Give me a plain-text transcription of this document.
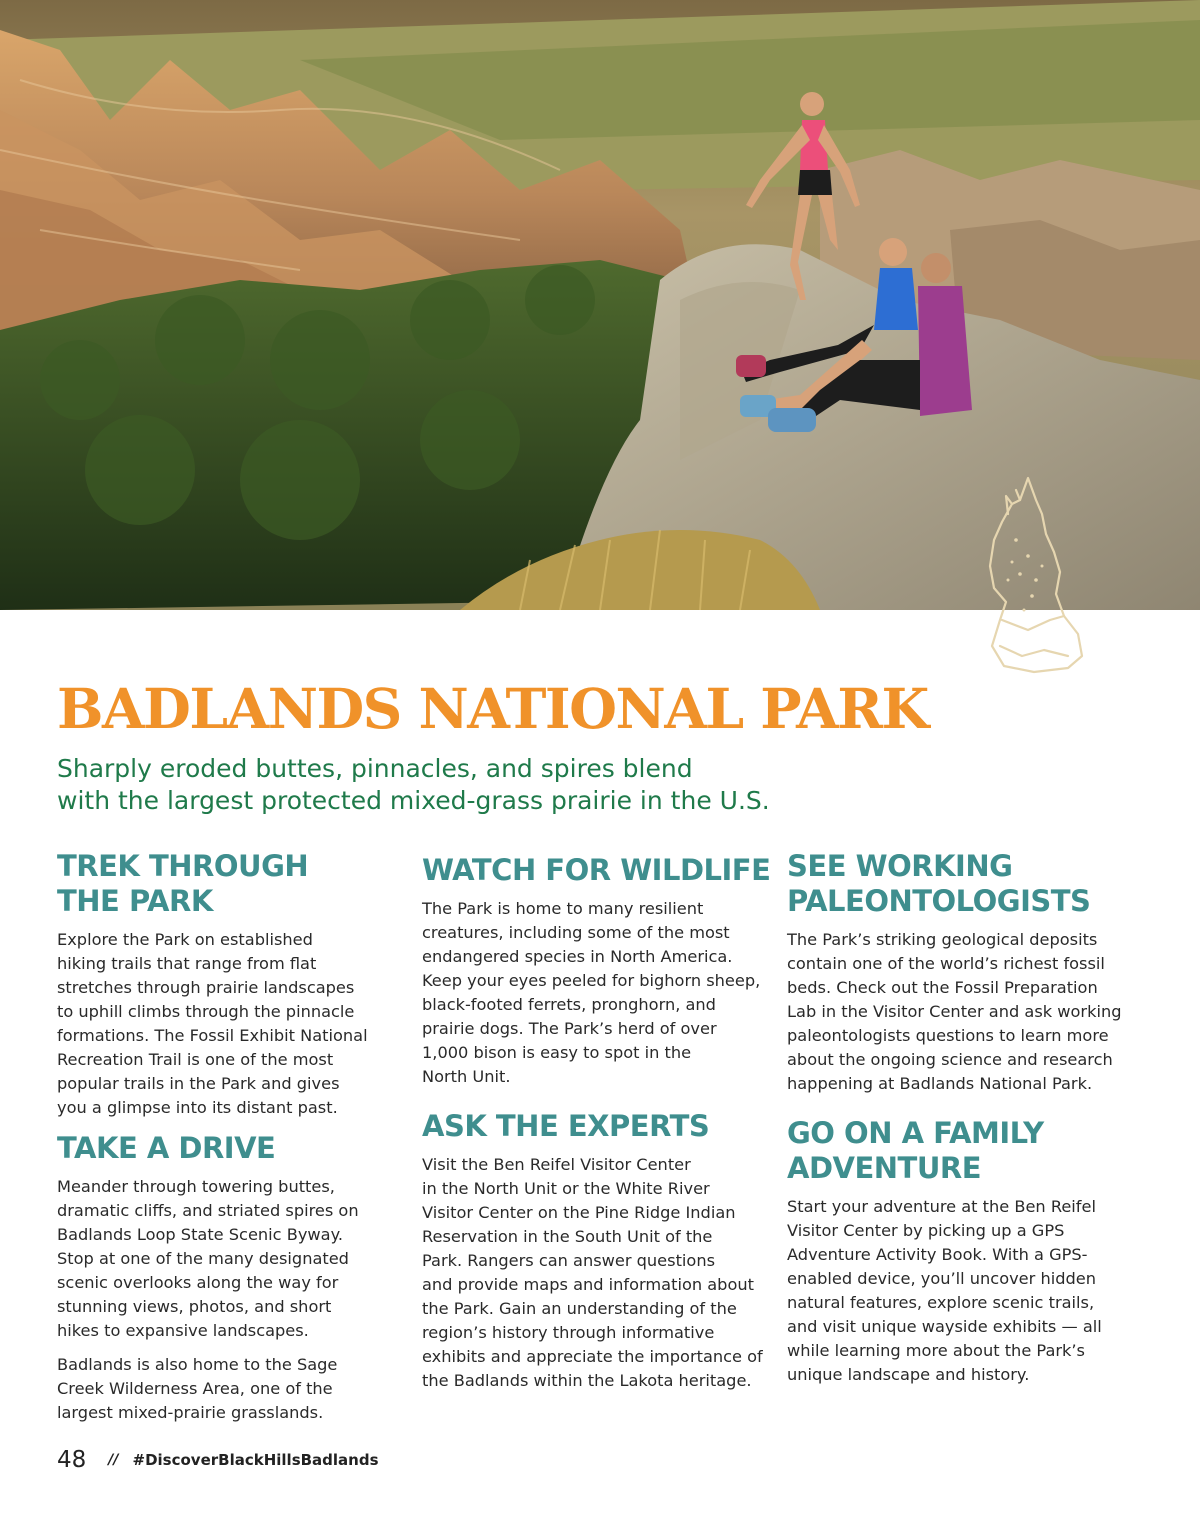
BADLANDS NATIONAL PARK

Sharply eroded buttes, pinnacles, and spires blend
with the largest protected mixed-grass prairie in the U.S.

TREK THROUGH
THE PARK

Explore the Park on established
hiking trails that range from flat
stretches through prairie landscapes
to uphill climbs through the pinnacle
formations. The Fossil Exhibit National
Recreation Trail is one of the most
popular trails in the Park and gives
you a glimpse into its distant past.

TAKE A DRIVE

Meander through towering buttes,
dramatic cliffs, and striated spires on
Badlands Loop State Scenic Byway.
Stop at one of the many designated
scenic overlooks along the way for
stunning views, photos, and short
hikes to expansive landscapes.

Badlands is also home to the Sage
Creek Wilderness Area, one of the
largest mixed-prairie grasslands.

WATCH FOR WILDLIFE

The Park is home to many resilient
creatures, including some of the most
endangered species in North America.
Keep your eyes peeled for bighorn sheep,
black-footed ferrets, pronghorn, and
prairie dogs. The Park’s herd of over
1,000 bison is easy to spot in the
North Unit.

ASK THE EXPERTS

Visit the Ben Reifel Visitor Center
in the North Unit or the White River
Visitor Center on the Pine Ridge Indian
Reservation in the South Unit of the
Park. Rangers can answer questions
and provide maps and information about
the Park. Gain an understanding of the
region’s history through informative
exhibits and appreciate the importance of
the Badlands within the Lakota heritage.

SEE WORKING
PALEONTOLOGISTS

The Park’s striking geological deposits
contain one of the world’s richest fossil
beds. Check out the Fossil Preparation
Lab in the Visitor Center and ask working
paleontologists questions to learn more
about the ongoing science and research
happening at Badlands National Park.

GO ON A FAMILY
ADVENTURE

Start your adventure at the Ben Reifel
Visitor Center by picking up a GPS
Adventure Activity Book. With a GPS-
enabled device, you’ll uncover hidden
natural features, explore scenic trails,
and visit unique wayside exhibits — all
while learning more about the Park’s
unique landscape and history.

48 // #DiscoverBlackHillsBadlands
